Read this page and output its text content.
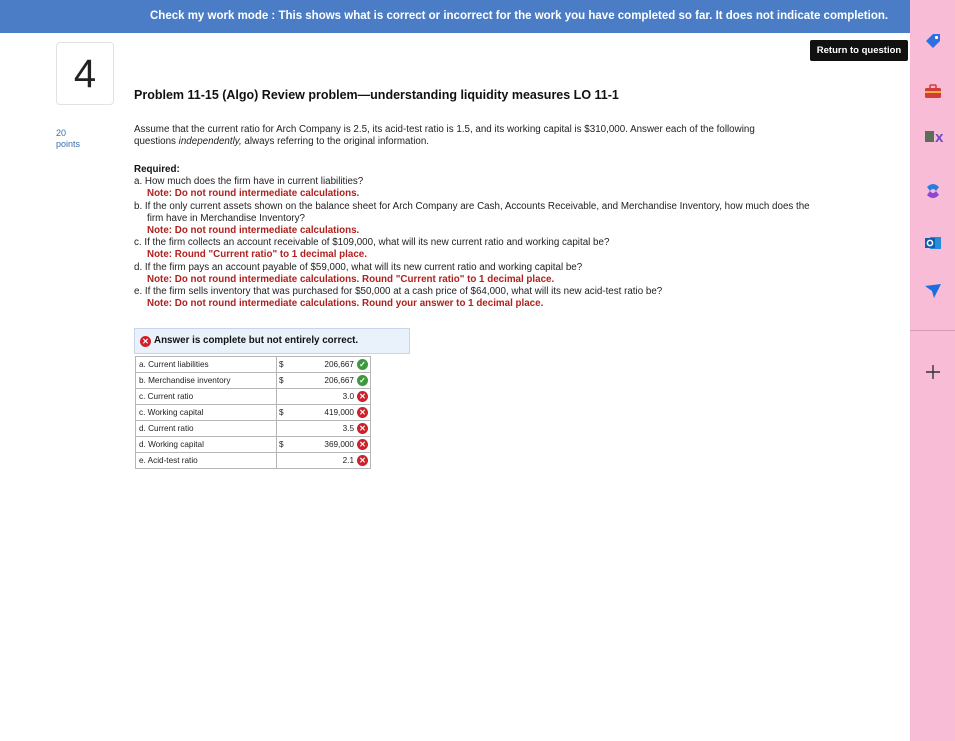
Check my work mode : This shows what is correct or incorrect for the work you have completed so far. It does not indicate completion.
4
Return to question
20
points
Problem 11-15 (Algo) Review problem—understanding liquidity measures LO 11-1
Assume that the current ratio for Arch Company is 2.5, its acid-test ratio is 1.5, and its working capital is $310,000. Answer each of the following questions independently, always referring to the original information.
Required:
a. How much does the firm have in current liabilities?
Note: Do not round intermediate calculations.
b. If the only current assets shown on the balance sheet for Arch Company are Cash, Accounts Receivable, and Merchandise Inventory, how much does the firm have in Merchandise Inventory?
Note: Do not round intermediate calculations.
c. If the firm collects an account receivable of $109,000, what will its new current ratio and working capital be?
Note: Round "Current ratio" to 1 decimal place.
d. If the firm pays an account payable of $59,000, what will its new current ratio and working capital be?
Note: Do not round intermediate calculations. Round "Current ratio" to 1 decimal place.
e. If the firm sells inventory that was purchased for $50,000 at a cash price of $64,000, what will its new acid-test ratio be?
Note: Do not round intermediate calculations. Round your answer to 1 decimal place.
✕ Answer is complete but not entirely correct.
a. Current liabilities	$	206,667 ✓
b. Merchandise inventory	$	206,667 ✓
c. Current ratio		3.0 ✕
c. Working capital	$	419,000 ✕
d. Current ratio		3.5 ✕
d. Working capital	$	369,000 ✕
e. Acid-test ratio		2.1 ✕
X
